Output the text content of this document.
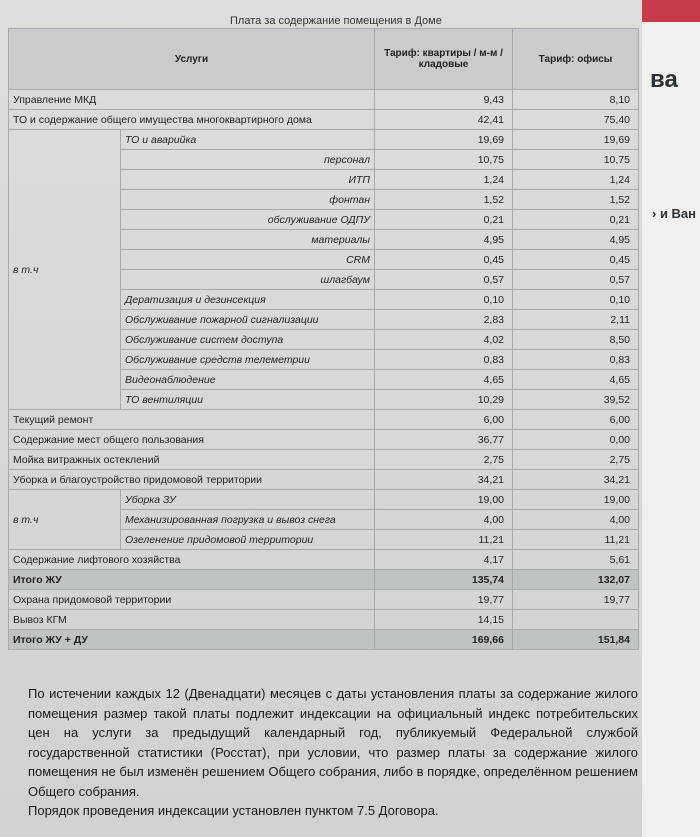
ва
› и Ван
Плата за содержание помещения в Доме
Услуги		Тариф: квартиры / м-м / кладовые	Тариф: офисы
Управление МКД		9,43	8,10
ТО и содержание общего имущества многоквартирного дома		42,41	75,40
в т.ч	ТО и аварийка	19,69	19,69
	персонал	10,75	10,75
	ИТП	1,24	1,24
	фонтан	1,52	1,52
	обслуживание ОДПУ	0,21	0,21
	материалы	4,95	4,95
	CRM	0,45	0,45
	шлагбаум	0,57	0,57
	Дератизация и дезинсекция	0,10	0,10
	Обслуживание пожарной сигнализации	2,83	2,11
	Обслуживание систем доступа	4,02	8,50
	Обслуживание средств телеметрии	0,83	0,83
	Видеонаблюдение	4,65	4,65
	ТО вентиляции	10,29	39,52
Текущий ремонт		6,00	6,00
Содержание мест общего пользования		36,77	0,00
Мойка витражных остеклений		2,75	2,75
Уборка и благоустройство придомовой территории		34,21	34,21
в т.ч	Уборка ЗУ	19,00	19,00
	Механизированная погрузка и вывоз снега	4,00	4,00
	Озеленение придомовой территории	11,21	11,21
Содержание лифтового хозяйства		4,17	5,61
Итого ЖУ		135,74	132,07
Охрана придомовой территории		19,77	19,77
Вывоз КГМ		14,15	
Итого ЖУ + ДУ		169,66	151,84

По истечении каждых 12 (Двенадцати) месяцев с даты установления платы за содержание жилого помещения размер такой платы подлежит индексации на официальный индекс потребительских цен на услуги за предыдущий календарный год, публикуемый Федеральной службой государственной статистики (Росстат), при условии, что размер платы за содержание жилого помещения не был изменён решением Общего собрания, либо в порядке, определённом решением Общего собрания.

Порядок проведения индексации установлен пунктом 7.5 Договора.
